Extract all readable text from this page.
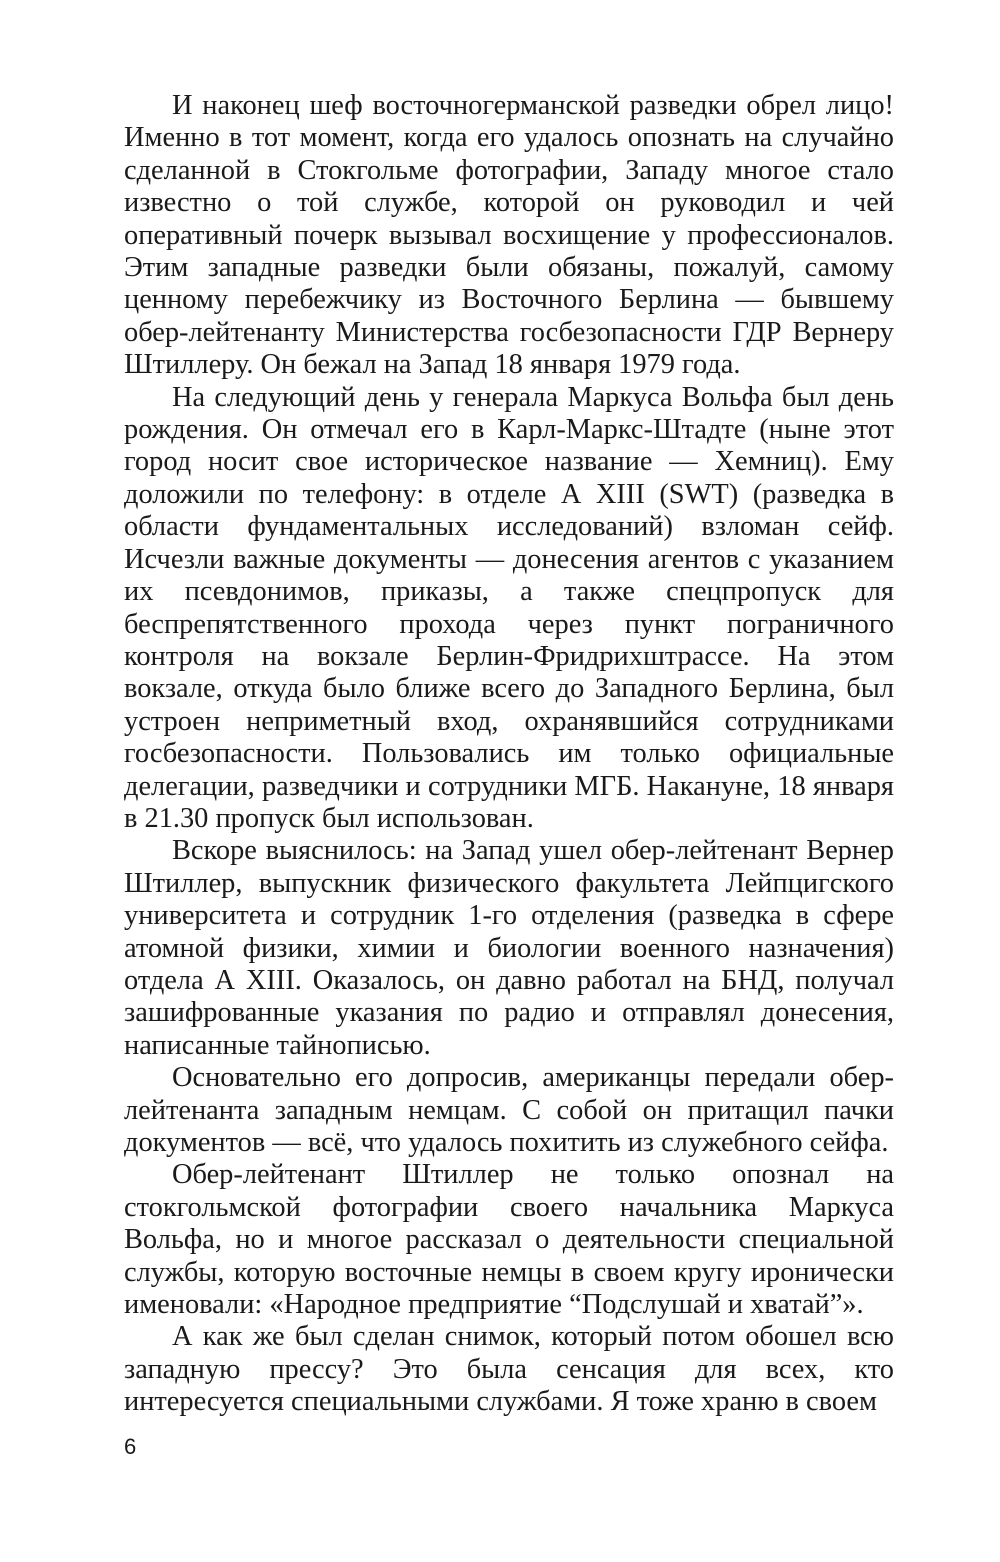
И наконец шеф восточногерманской разведки обрел лицо! Именно в тот момент, когда его удалось опознать на случайно сделанной в Стокгольме фотографии, Западу многое стало известно о той службе, которой он руководил и чей оперативный почерк вызывал восхищение у профессионалов. Этим западные разведки были обязаны, пожалуй, самому ценному перебежчику из Восточного Берлина — бывшему обер-лейтенанту Министерства госбезопасности ГДР Вернеру Штиллеру. Он бежал на Запад 18 января 1979 года.

На следующий день у генерала Маркуса Вольфа был день рождения. Он отмечал его в Карл-Маркс-Штадте (ныне этот город носит свое историческое название — Хемниц). Ему доложили по телефону: в отделе А XIII (SWT) (разведка в области фундаментальных исследований) взломан сейф. Исчезли важные документы — донесения агентов с указанием их псевдонимов, приказы, а также спецпропуск для беспрепятственного прохода через пункт пограничного контроля на вокзале Берлин-Фридрихштрассе. На этом вокзале, откуда было ближе всего до Западного Берлина, был устроен неприметный вход, охранявшийся сотрудниками госбезопасности. Пользовались им только официальные делегации, разведчики и сотрудники МГБ. Накануне, 18 января в 21.30 пропуск был использован.

Вскоре выяснилось: на Запад ушел обер-лейтенант Вернер Штиллер, выпускник физического факультета Лейпцигского университета и сотрудник 1-го отделения (разведка в сфере атомной физики, химии и биологии военного назначения) отдела А XIII. Оказалось, он давно работал на БНД, получал зашифрованные указания по радио и отправлял донесения, написанные тайнописью.

Основательно его допросив, американцы передали обер-лейтенанта западным немцам. С собой он притащил пачки документов — всё, что удалось похитить из служебного сейфа.

Обер-лейтенант Штиллер не только опознал на стокгольмской фотографии своего начальника Маркуса Вольфа, но и многое рассказал о деятельности специальной службы, которую восточные немцы в своем кругу иронически именовали: «Народное предприятие “Подслушай и хватай”».

А как же был сделан снимок, который потом обошел всю западную прессу? Это была сенсация для всех, кто интересуется специальными службами. Я тоже храню в своем

6
